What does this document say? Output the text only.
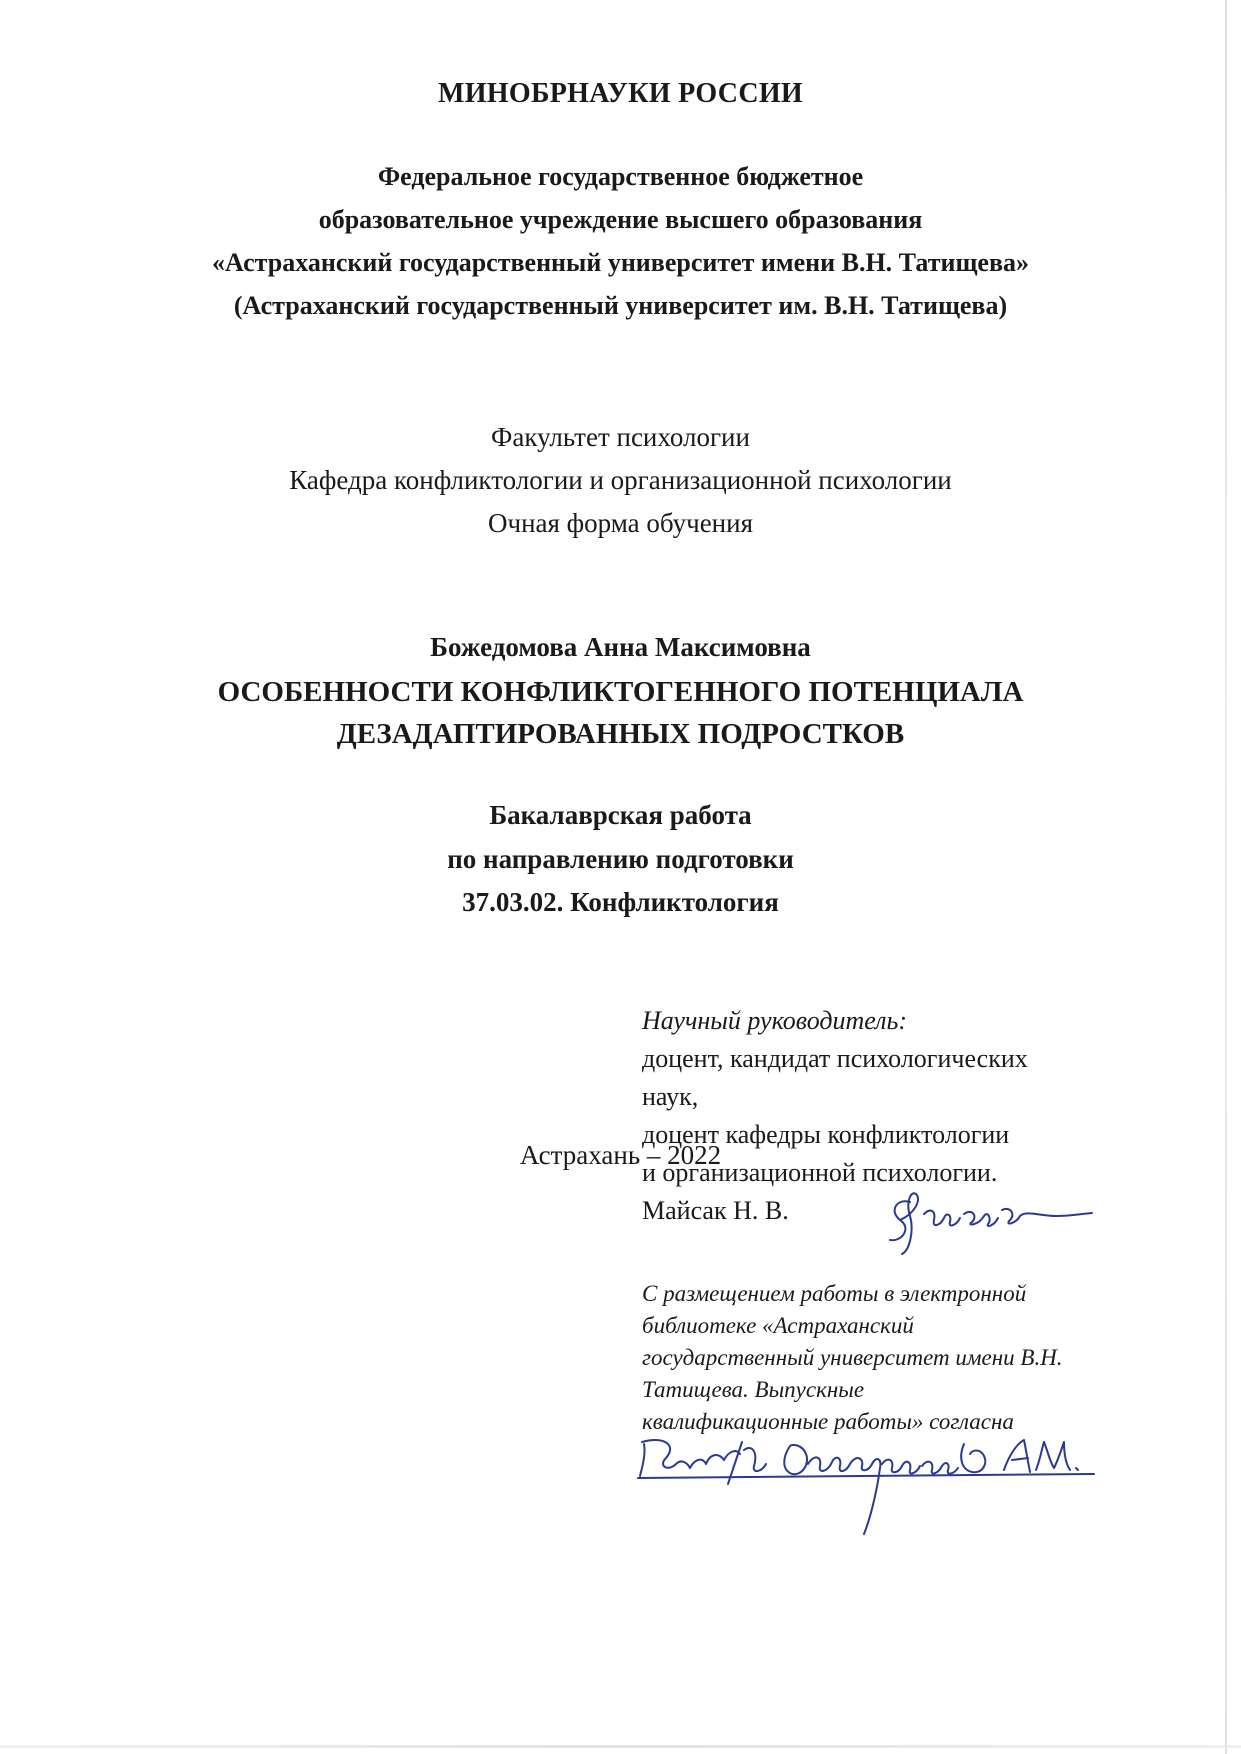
МИНОБРНАУКИ РОССИИ
Федеральное государственное бюджетное
образовательное учреждение высшего образования
«Астраханский государственный университет имени В.Н. Татищева»
(Астраханский государственный университет им. В.Н. Татищева)
Факультет психологии
Кафедра конфликтологии и организационной психологии
Очная форма обучения
Божедомова Анна Максимовна
ОСОБЕННОСТИ КОНФЛИКТОГЕННОГО ПОТЕНЦИАЛА
ДЕЗАДАПТИРОВАННЫХ ПОДРОСТКОВ
Бакалаврская работа
по направлению подготовки
37.03.02. Конфликтология
Научный руководитель:
доцент, кандидат психологических
наук,
доцент кафедры конфликтологии
и организационной психологии.
Майсак Н. В.
С размещением работы в электронной
библиотеке «Астраханский
государственный университет имени В.Н.
Татищева. Выпускные
квалификационные работы» согласна
Астрахань – 2022
